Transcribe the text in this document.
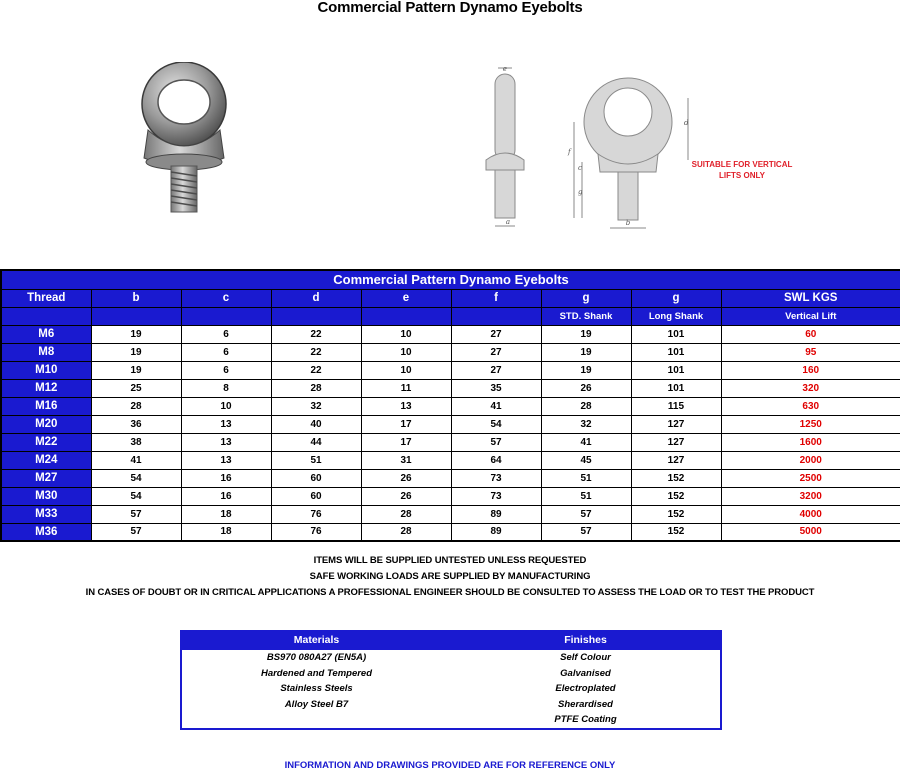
Commercial Pattern Dynamo Eyebolts
e
a
d
f
c
g
b
SUITABLE FOR VERTICAL
LIFTS ONLY
Commercial Pattern Dynamo Eyebolts								
Thread	b	c	d	e	f	g	g	SWL KGS
						STD. Shank	Long Shank	Vertical Lift
M6	19	6	22	10	27	19	101	60
M8	19	6	22	10	27	19	101	95
M10	19	6	22	10	27	19	101	160
M12	25	8	28	11	35	26	101	320
M16	28	10	32	13	41	28	115	630
M20	36	13	40	17	54	32	127	1250
M22	38	13	44	17	57	41	127	1600
M24	41	13	51	31	64	45	127	2000
M27	54	16	60	26	73	51	152	2500
M30	54	16	60	26	73	51	152	3200
M33	57	18	76	28	89	57	152	4000
M36	57	18	76	28	89	57	152	5000
ITEMS WILL BE SUPPLIED UNTESTED UNLESS REQUESTED
SAFE WORKING LOADS ARE SUPPLIED BY MANUFACTURING
IN CASES OF DOUBT OR IN CRITICAL APPLICATIONS A PROFESSIONAL ENGINEER SHOULD BE CONSULTED TO ASSESS THE LOAD OR TO TEST THE PRODUCT
Materials	Finishes
BS970 080A27 (EN5A)	Self Colour
Hardened and Tempered	Galvanised
Stainless Steels	Electroplated
Alloy Steel B7	Sherardised
	PTFE Coating
INFORMATION AND DRAWINGS PROVIDED ARE FOR REFERENCE ONLY
